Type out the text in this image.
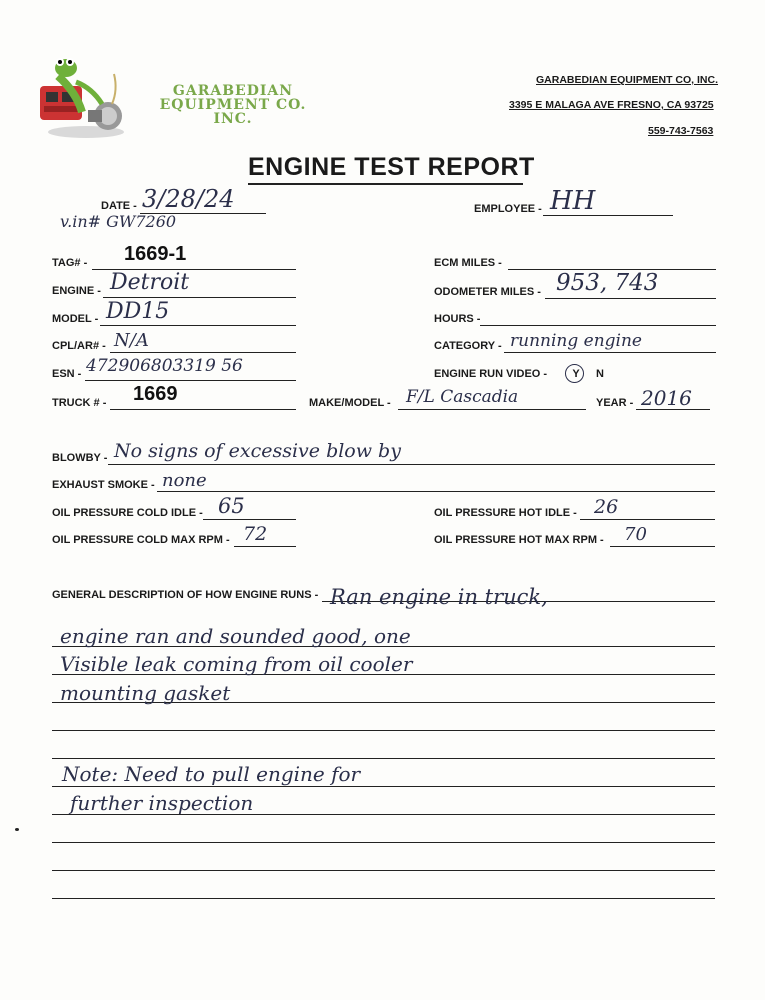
GARABEDIAN
EQUIPMENT CO. INC.
GARABEDIAN EQUIPMENT CO, INC.
3395 E MALAGA AVE FRESNO, CA 93725
559-743-7563
ENGINE TEST REPORT
DATE - 3/28/24
v.in# GW7260
EMPLOYEE - HH
TAG# - 1669-1	ECM MILES -
ENGINE - Detroit	ODOMETER MILES - 953, 743
MODEL - DD15	HOURS -
CPL/AR# - N/A	CATEGORY - running engine
ESN - 472906803319 56	ENGINE RUN VIDEO - Y N
TRUCK # - 1669	MAKE/MODEL - F/L Cascadia	YEAR - 2016
BLOWBY - No signs of excessive blow by
EXHAUST SMOKE - none
OIL PRESSURE COLD IDLE - 65	OIL PRESSURE HOT IDLE - 26
OIL PRESSURE COLD MAX RPM - 72	OIL PRESSURE HOT MAX RPM - 70
GENERAL DESCRIPTION OF HOW ENGINE RUNS - Ran engine in truck,
engine ran and sounded good, one
Visible leak coming from oil cooler
mounting gasket
Note: Need to pull engine for
further inspection
